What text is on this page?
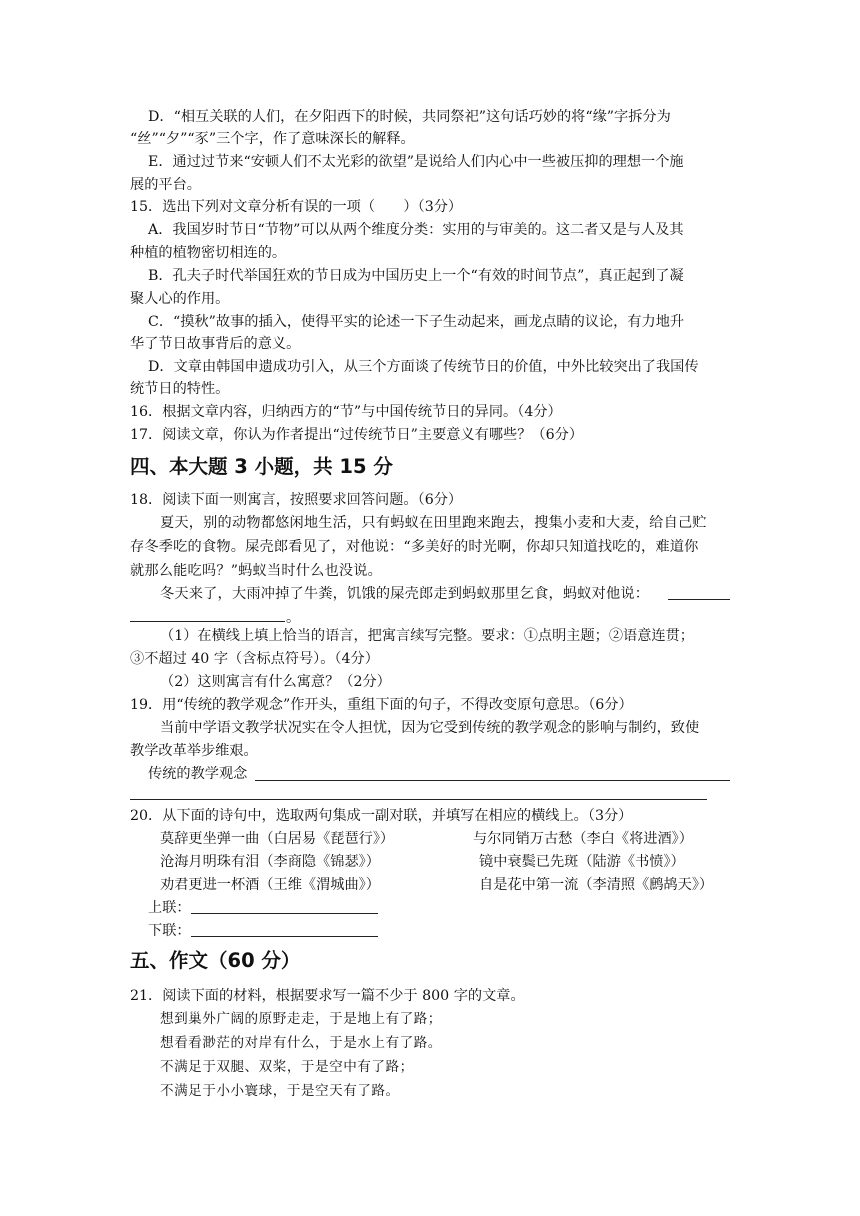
D．“相互关联的人们，在夕阳西下的时候，共同祭祀”这句话巧妙的将“缘”字拆分为
“丝”“夕”“豕”三个字，作了意味深长的解释。
E．通过过节来“安顿人们不太光彩的欲望”是说给人们内心中一些被压抑的理想一个施
展的平台。
15．选出下列对文章分析有误的一项（　　）（3分）
A．我国岁时节日“节物”可以从两个维度分类：实用的与审美的。这二者又是与人及其
种植的植物密切相连的。
B．孔夫子时代举国狂欢的节日成为中国历史上一个“有效的时间节点”，真正起到了凝
聚人心的作用。
C．“摸秋”故事的插入，使得平实的论述一下子生动起来，画龙点睛的议论，有力地升
华了节日故事背后的意义。
D．文章由韩国申遗成功引入，从三个方面谈了传统节日的价值，中外比较突出了我国传
统节日的特性。
16．根据文章内容，归纳西方的“节”与中国传统节日的异同。（4分）
17．阅读文章，你认为作者提出“过传统节日”主要意义有哪些？（6分）
四、本大题 3 小题，共 15 分
18．阅读下面一则寓言，按照要求回答问题。（6分）
夏天，别的动物都悠闲地生活，只有蚂蚁在田里跑来跑去，搜集小麦和大麦，给自己贮
存冬季吃的食物。屎壳郎看见了，对他说：“多美好的时光啊，你却只知道找吃的，难道你
就那么能吃吗？”蚂蚁当时什么也没说。
冬天来了，大雨冲掉了牛粪，饥饿的屎壳郎走到蚂蚁那里乞食，蚂蚁对他说：
。
（1）在横线上填上恰当的语言，把寓言续写完整。要求：①点明主题；②语意连贯；
③不超过 40 字（含标点符号）。（4分）
（2）这则寓言有什么寓意？（2分）
19．用“传统的教学观念”作开头，重组下面的句子，不得改变原句意思。（6分）
当前中学语文教学状况实在令人担忧，因为它受到传统的教学观念的影响与制约，致使
教学改革举步维艰。
传统的教学观念
20．从下面的诗句中，选取两句集成一副对联，并填写在相应的横线上。（3分）
莫辞更坐弹一曲（白居易《琵琶行》）	与尔同销万古愁（李白《将进酒》）
沧海月明珠有泪（李商隐《锦瑟》）	镜中衰鬓已先斑（陆游《书愤》）
劝君更进一杯酒（王维《渭城曲》）	自是花中第一流（李清照《鹧鸪天》）
上联：
下联：
五、作文（60 分）
21．阅读下面的材料，根据要求写一篇不少于 800 字的文章。
想到巢外广阔的原野走走，于是地上有了路；
想看看渺茫的对岸有什么，于是水上有了路。
不满足于双腿、双桨，于是空中有了路；
不满足于小小寰球，于是空天有了路。
